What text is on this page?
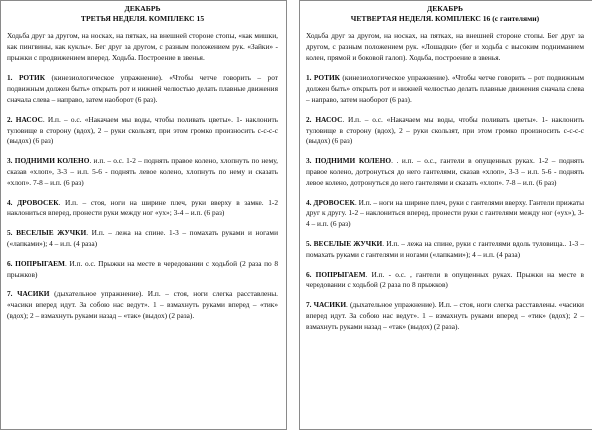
ДЕКАБРЬ
ТРЕТЬЯ НЕДЕЛЯ. КОМПЛЕКС 15

Ходьба друг за другом, на носках, на пятках, на внешней стороне стопы, «как мишки, как пингвины, как куклы». Бег друг за другом, с разным положением рук. «Зайки» - прыжки с продвижением вперед. Ходьба. Построение в звенья.

1. РОТИК (кинезиологическое упражнение). «Чтобы четче говорить – рот подвижным должен быть» открыть рот и нижней челюстью делать плавные движения сначала слева – направо, затем наоборот (6 раз).

2. НАСОС. И.п. – о.с. «Накачаем мы воды, чтобы поливать цветы». 1- наклонить туловище в сторону (вдох), 2 – руки скользят, при этом громко произносить с-с-с-с (выдох) (6 раз)

3. ПОДНИМИ КОЛЕНО. и.п. – о.с. 1-2 – поднять правое колено, хлопнуть по нему, сказав «хлоп», 3-3 – и.п. 5-6 - поднять левое колено, хлопнуть по нему и сказать «хлоп». 7-8 – и.п. (6 раз)

4. ДРОВОСЕК. И.п. – стоя, ноги на ширине плеч, руки вверху в замке. 1-2 наклониться вперед, пронести руки между ног «ух»; 3-4 – и.п. (6 раз)

5. ВЕСЕЛЫЕ ЖУЧКИ. И.п. – лежа на спине. 1-3 – помахать руками и ногами («лапками»); 4 – и.п. (4 раза)

6. ПОПРЫГАЕМ. И.п. о.с. Прыжки на месте в чередовании с ходьбой (2 раза по 8 прыжков)

7. ЧАСИКИ (дыхательное упражнение). И.п. – стоя, ноги слегка расставлены. «часики вперед идут. За собою нас ведут». 1 – взмахнуть руками вперед – «тик» (вдох); 2 – взмахнуть руками назад – «так» (выдох) (2 раза).

ДЕКАБРЬ
ЧЕТВЕРТАЯ НЕДЕЛЯ. КОМПЛЕКС 16 (с гантелями)

Ходьба друг за другом, на носках, на пятках, на внешней стороне стопы. Бег друг за другом, с разным положением рук. «Лошадки» (бег и ходьба с высоким подниманием колен, прямой и боковой галоп). Ходьба, построение в звенья.

1. РОТИК (кинезиологическое упражнение). «Чтобы четче говорить – рот подвижным должен быть» открыть рот и нижней челюстью делать плавные движения сначала слева – направо, затем наоборот (6 раз).

2. НАСОС. И.п. – о.с. «Накачаем мы воды, чтобы поливать цветы». 1- наклонить туловище в сторону (вдох), 2 – руки скользят, при этом громко произносить с-с-с-с (выдох) (6 раз)

3. ПОДНИМИ КОЛЕНО. . и.п. – о.с., гантели в опущенных руках. 1-2 – поднять правое колено, дотронуться до него гантелями, сказав «хлоп», 3-3 – и.п. 5-6 - поднять левое колено, дотронуться до него гантелями и сказать «хлоп». 7-8 – и.п. (6 раз)

4. ДРОВОСЕК. И.п. – ноги на ширине плеч, руки с гантелями вверху. Гантели прижаты друг к другу. 1-2 – наклониться вперед, пронести руки с гантелями между ног («ух»), 3-4 – и.п. (6 раз)

5. ВЕСЕЛЫЕ ЖУЧКИ. И.п. – лежа на спине, руки с гантелями вдоль туловища.. 1-3 – помахать руками с гантелями и ногами («лапками»); 4 – и.п. (4 раза)

6. ПОПРЫГАЕМ. И.п. - о.с. , гантели в опущенных руках. Прыжки на месте в чередовании с ходьбой (2 раза по 8 прыжков)

7. ЧАСИКИ. (дыхательное упражнение). И.п. – стоя, ноги слегка расставлены. «часики вперед идут. За собою нас ведут». 1 – взмахнуть руками вперед – «тик» (вдох); 2 – взмахнуть руками назад – «так» (выдох) (2 раза).
